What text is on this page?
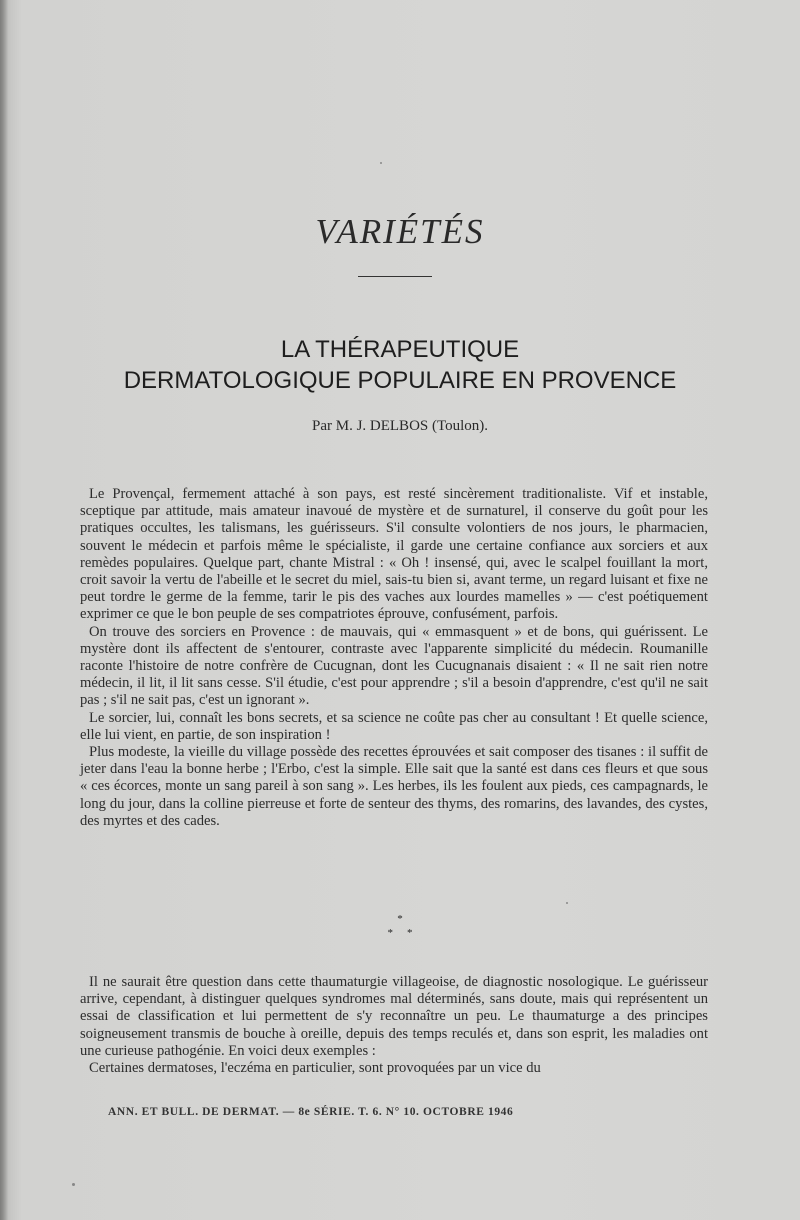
VARIÉTÉS
LA THÉRAPEUTIQUE
DERMATOLOGIQUE POPULAIRE EN PROVENCE
Par M. J. DELBOS (Toulon).

Le Provençal, fermement attaché à son pays, est resté sincèrement traditionaliste. Vif et instable, sceptique par attitude, mais amateur inavoué de mystère et de surnaturel, il conserve du goût pour les pratiques occultes, les talismans, les guérisseurs. S'il consulte volontiers de nos jours, le pharmacien, souvent le médecin et parfois même le spécialiste, il garde une certaine confiance aux sorciers et aux remèdes populaires. Quelque part, chante Mistral : « Oh ! insensé, qui, avec le scalpel fouillant la mort, croit savoir la vertu de l'abeille et le secret du miel, sais-tu bien si, avant terme, un regard luisant et fixe ne peut tordre le germe de la femme, tarir le pis des vaches aux lourdes mamelles » — c'est poétiquement exprimer ce que le bon peuple de ses compatriotes éprouve, confusément, parfois.

On trouve des sorciers en Provence : de mauvais, qui « emmasquent » et de bons, qui guérissent. Le mystère dont ils affectent de s'entourer, contraste avec l'apparente simplicité du médecin. Roumanille raconte l'histoire de notre confrère de Cucugnan, dont les Cucugnanais disaient : « Il ne sait rien notre médecin, il lit, il lit sans cesse. S'il étudie, c'est pour apprendre ; s'il a besoin d'apprendre, c'est qu'il ne sait pas ; s'il ne sait pas, c'est un ignorant ».

Le sorcier, lui, connaît les bons secrets, et sa science ne coûte pas cher au consultant ! Et quelle science, elle lui vient, en partie, de son inspiration !

Plus modeste, la vieille du village possède des recettes éprouvées et sait composer des tisanes : il suffit de jeter dans l'eau la bonne herbe ; l'Erbo, c'est la simple. Elle sait que la santé est dans ces fleurs et que sous « ces écorces, monte un sang pareil à son sang ». Les herbes, ils les foulent aux pieds, ces campagnards, le long du jour, dans la colline pierreuse et forte de senteur des thyms, des romarins, des lavandes, des cystes, des myrtes et des cades.

*
**

Il ne saurait être question dans cette thaumaturgie villageoise, de diagnostic nosologique. Le guérisseur arrive, cependant, à distinguer quelques syndromes mal déterminés, sans doute, mais qui représentent un essai de classification et lui permettent de s'y reconnaître un peu. Le thaumaturge a des principes soigneusement transmis de bouche à oreille, depuis des temps reculés et, dans son esprit, les maladies ont une curieuse pathogénie. En voici deux exemples :

Certaines dermatoses, l'eczéma en particulier, sont provoquées par un vice du

ANN. ET BULL. DE DERMAT. — 8e SÉRIE. T. 6. N° 10. OCTOBRE 1946
